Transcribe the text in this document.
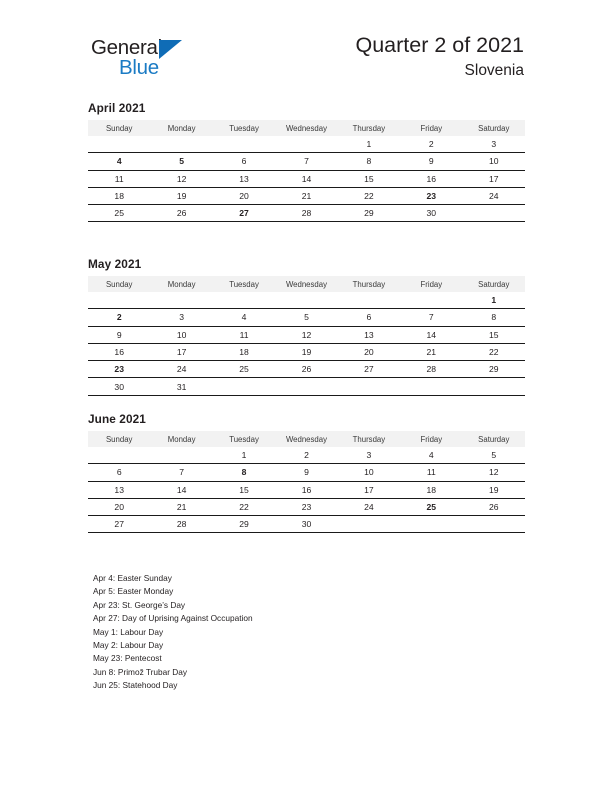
General
Blue
Quarter 2 of 2021
Slovenia
April 2021
Sunday	Monday	Tuesday	Wednesday	Thursday	Friday	Saturday
				1	2	3
4	5	6	7	8	9	10
11	12	13	14	15	16	17
18	19	20	21	22	23	24
25	26	27	28	29	30	
May 2021
Sunday	Monday	Tuesday	Wednesday	Thursday	Friday	Saturday
						1
2	3	4	5	6	7	8
9	10	11	12	13	14	15
16	17	18	19	20	21	22
23	24	25	26	27	28	29
30	31					
June 2021
Sunday	Monday	Tuesday	Wednesday	Thursday	Friday	Saturday
		1	2	3	4	5
6	7	8	9	10	11	12
13	14	15	16	17	18	19
20	21	22	23	24	25	26
27	28	29	30			
Apr 4: Easter Sunday
Apr 5: Easter Monday
Apr 23: St. George’s Day
Apr 27: Day of Uprising Against Occupation
May 1: Labour Day
May 2: Labour Day
May 23: Pentecost
Jun 8: Primož Trubar Day
Jun 25: Statehood Day
